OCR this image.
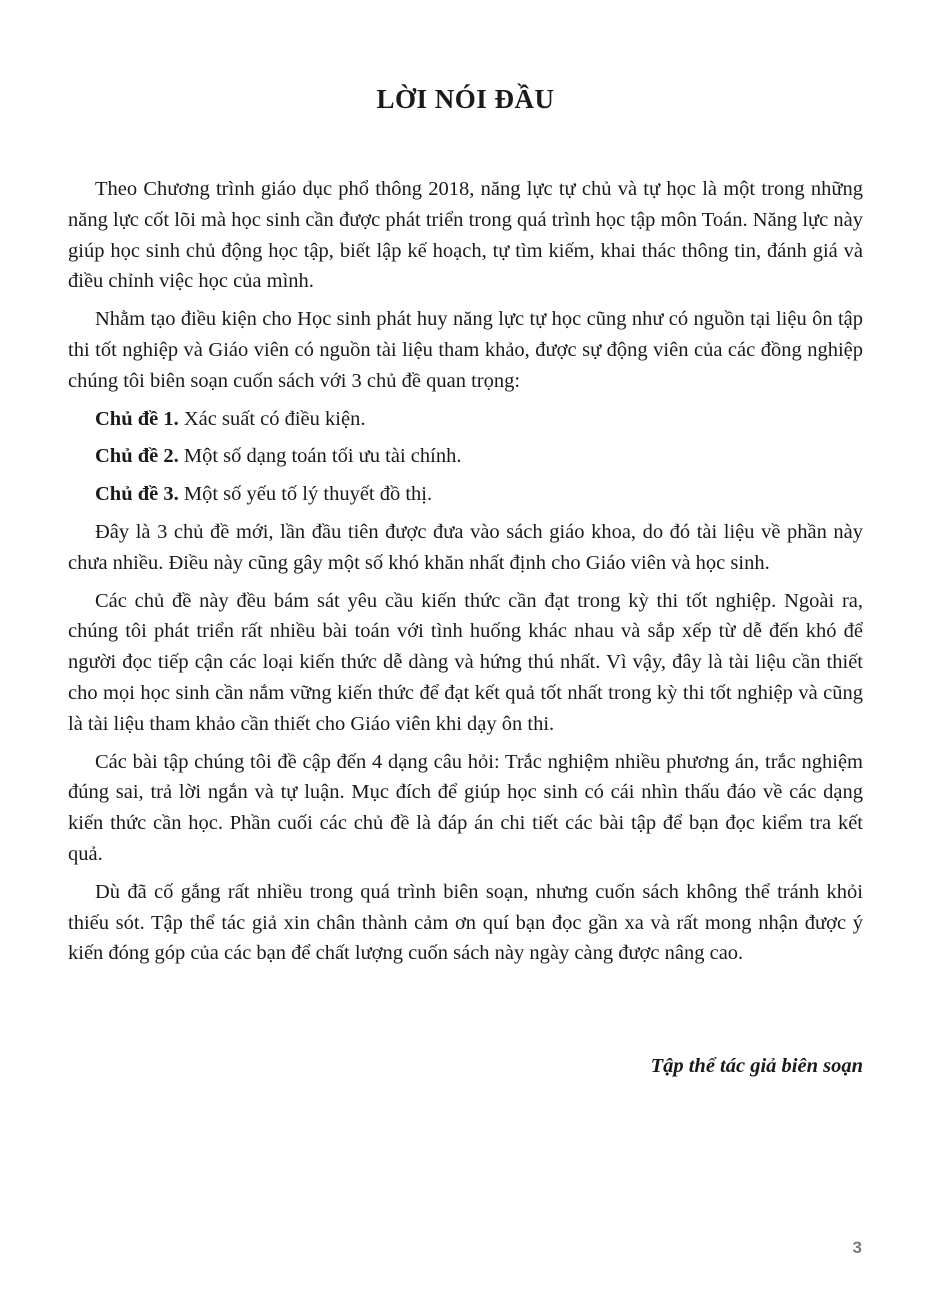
LỜI NÓI ĐẦU

Theo Chương trình giáo dục phổ thông 2018, năng lực tự chủ và tự học là một trong những năng lực cốt lõi mà học sinh cần được phát triển trong quá trình học tập môn Toán. Năng lực này giúp học sinh chủ động học tập, biết lập kế hoạch, tự tìm kiếm, khai thác thông tin, đánh giá và điều chỉnh việc học của mình.

Nhằm tạo điều kiện cho Học sinh phát huy năng lực tự học cũng như có nguồn tại liệu ôn tập thi tốt nghiệp và Giáo viên có nguồn tài liệu tham khảo, được sự động viên của các đồng nghiệp chúng tôi biên soạn cuốn sách với 3 chủ đề quan trọng:

Chủ đề 1. Xác suất có điều kiện.

Chủ đề 2. Một số dạng toán tối ưu tài chính.

Chủ đề 3. Một số yếu tố lý thuyết đồ thị.

Đây là 3 chủ đề mới, lần đầu tiên được đưa vào sách giáo khoa, do đó tài liệu về phần này chưa nhiều. Điều này cũng gây một số khó khăn nhất định cho Giáo viên và học sinh.

Các chủ đề này đều bám sát yêu cầu kiến thức cần đạt trong kỳ thi tốt nghiệp. Ngoài ra, chúng tôi phát triển rất nhiều bài toán với tình huống khác nhau và sắp xếp từ dễ đến khó để người đọc tiếp cận các loại kiến thức dễ dàng và hứng thú nhất. Vì vậy, đây là tài liệu cần thiết cho mọi học sinh cần nắm vững kiến thức để đạt kết quả tốt nhất trong kỳ thi tốt nghiệp và cũng là tài liệu tham khảo cần thiết cho Giáo viên khi dạy ôn thi.

Các bài tập chúng tôi đề cập đến 4 dạng câu hỏi: Trắc nghiệm nhiều phương án, trắc nghiệm đúng sai, trả lời ngắn và tự luận. Mục đích để giúp học sinh có cái nhìn thấu đáo về các dạng kiến thức cần học. Phần cuối các chủ đề là đáp án chi tiết các bài tập để bạn đọc kiểm tra kết quả.

Dù đã cố gắng rất nhiều trong quá trình biên soạn, nhưng cuốn sách không thể tránh khỏi thiếu sót. Tập thể tác giả xin chân thành cảm ơn quí bạn đọc gần xa và rất mong nhận được ý kiến đóng góp của các bạn để chất lượng cuốn sách này ngày càng được nâng cao.

Tập thể tác giả biên soạn
3
